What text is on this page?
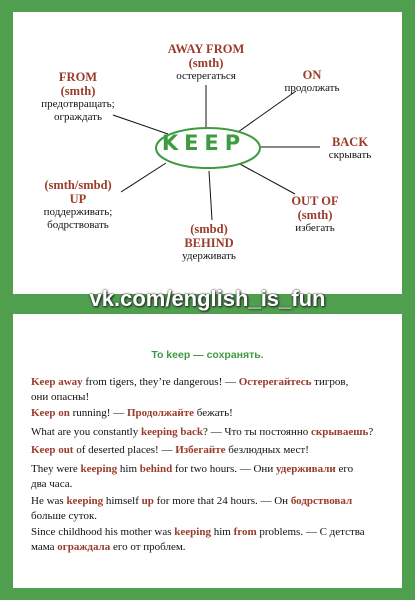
KEEP
AWAY FROM
(smth)
остерегаться
FROM
(smth)
предотвращать;
ограждать
ON
продолжать
BACK
скрывать
OUT OF
(smth)
избегать
(smth/smbd)
UP
поддерживать;
бодрствовать	(smbd)
BEHIND
удерживать
vk.com/english_is_fun
To keep — сохранять.
Keep away from tigers, they’re dangerous! — Остерегайтесь тигров,
они опасны!
Keep on running! — Продолжайте бежать!
What are you constantly keeping back? — Что ты постоянно скрываешь?
Keep out of deserted places! — Избегайте безлюдных мест!
They were keeping him behind for two hours. — Они удерживали его
два часа.
He was keeping himself up for more that 24 hours. — Он бодрствовал
больше суток.
Since childhood his mother was keeping him from problems. — С детства
мама ограждала его от проблем.
